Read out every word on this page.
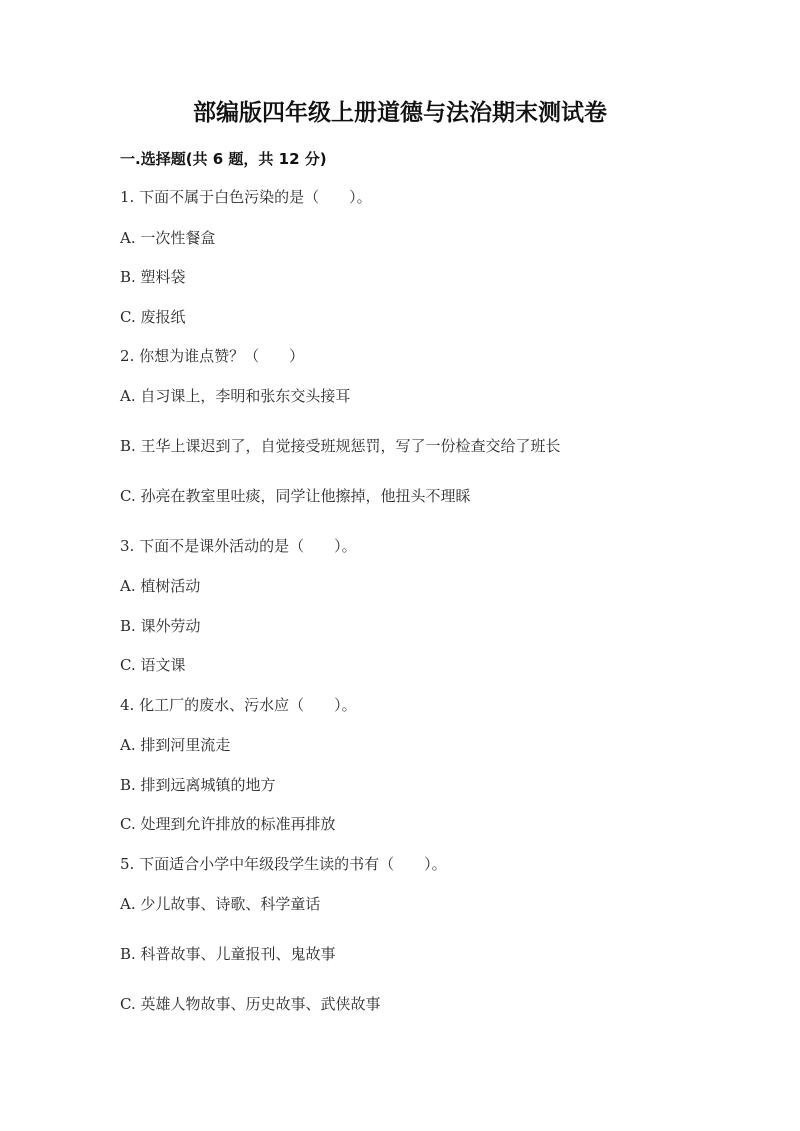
部编版四年级上册道德与法治期末测试卷
一.选择题(共 6 题，共 12 分)
1. 下面不属于白色污染的是（　　）。
A. 一次性餐盒
B. 塑料袋
C. 废报纸
2. 你想为谁点赞？（　　）
A. 自习课上，李明和张东交头接耳
B. 王华上课迟到了，自觉接受班规惩罚，写了一份检查交给了班长
C. 孙亮在教室里吐痰，同学让他擦掉，他扭头不理睬
3. 下面不是课外活动的是（　　）。
A. 植树活动
B. 课外劳动
C. 语文课
4. 化工厂的废水、污水应（　　）。
A. 排到河里流走
B. 排到远离城镇的地方
C. 处理到允许排放的标准再排放
5. 下面适合小学中年级段学生读的书有（　　）。
A. 少儿故事、诗歌、科学童话
B. 科普故事、儿童报刊、鬼故事
C. 英雄人物故事、历史故事、武侠故事
